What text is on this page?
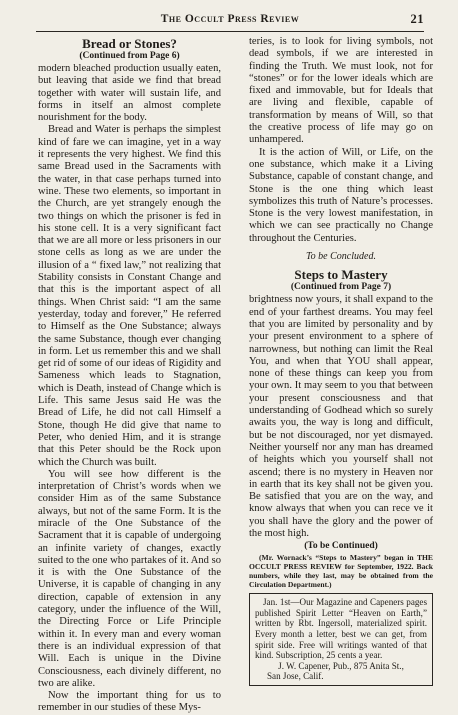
The Occult Press Review	21
Bread or Stones?
(Continued from Page 6)

modern bleached production usually eaten, but leaving that aside we find that bread together with water will sustain life, and forms in itself an almost complete nourishment for the body.

Bread and Water is perhaps the simplest kind of fare we can imagine, yet in a way it represents the very highest. We find this same Bread used in the Sacraments with the water, in that case perhaps turned into wine. These two elements, so important in the Church, are yet strangely enough the two things on which the prisoner is fed in his stone cell. It is a very significant fact that we are all more or less prisoners in our stone cells as long as we are under the illusion of a “ fixed law,” not realizing that Stability consists in Constant Change and that this is the important aspect of all things. When Christ said: “I am the same yesterday, today and forever,” He referred to Himself as the One Substance; always the same Substance, though ever changing in form. Let us remember this and we shall get rid of some of our ideas of Rigidity and Sameness which leads to Stagnation, which is Death, instead of Change which is Life. This same Jesus said He was the Bread of Life, he did not call Himself a Stone, though He did give that name to Peter, who denied Him, and it is strange that this Peter should be the Rock upon which the Church was built.

You will see how different is the interpretation of Christ’s words when we consider Him as of the same Substance always, but not of the same Form. It is the miracle of the One Substance of the Sacrament that it is capable of undergoing an infinite variety of changes, exactly suited to the one who partakes of it. And so it is with the One Substance of the Universe, it is capable of changing in any direction, capable of extension in any category, under the influence of the Will, the Directing Force or Life Principle within it. In every man and every woman there is an individual expression of that Will. Each is unique in the Divine Consciousness, each divinely different, no two are alike.

Now the important thing for us to remember in our studies of these Mys-

teries, is to look for living symbols, not dead symbols, if we are interested in finding the Truth. We must look, not for “stones” or for the lower ideals which are fixed and immovable, but for Ideals that are living and flexible, capable of transformation by means of Will, so that the creative process of life may go on unhampered.

It is the action of Will, or Life, on the one substance, which make it a Living Substance, capable of constant change, and Stone is the one thing which least symbolizes this truth of Nature’s processes. Stone is the very lowest manifestation, in which we can see practically no Change throughout the Centuries.

To be Concluded.
Steps to Mastery
(Continued from Page 7)

brightness now yours, it shall expand to the end of your farthest dreams. You may feel that you are limited by personality and by your present environment to a sphere of narrowness, but nothing can limit the Real You, and when that YOU shall appear, none of these things can keep you from your own. It may seem to you that between your present consciousness and that understanding of Godhead which so surely awaits you, the way is long and difficult, but be not discouraged, nor yet dismayed. Neither yourself nor any man has dreamed of heights which you yourself shall not ascend; there is no mystery in Heaven nor in earth that its key shall not be given you. Be satisfied that you are on the way, and know always that when you can rece ve it you shall have the glory and the power of the most high.

(To be Continued)

(Mr. Wornack’s “Steps to Mastery” began in THE OCCULT PRESS REVIEW for September, 1922. Back numbers, while they last, may be obtained from the Circulation Department.)

Jan. 1st—Our Magazine and Capeners pages published Spirit Letter “Heaven on Earth,” written by Rbt. Ingersoll, materialized spirit. Every month a letter, best we can get, from spirit side. Free will writings wanted of that kind. Subscription, 25 cents a year.

J. W. Capener, Pub., 875 Anita St.,

San Jose, Calif.
